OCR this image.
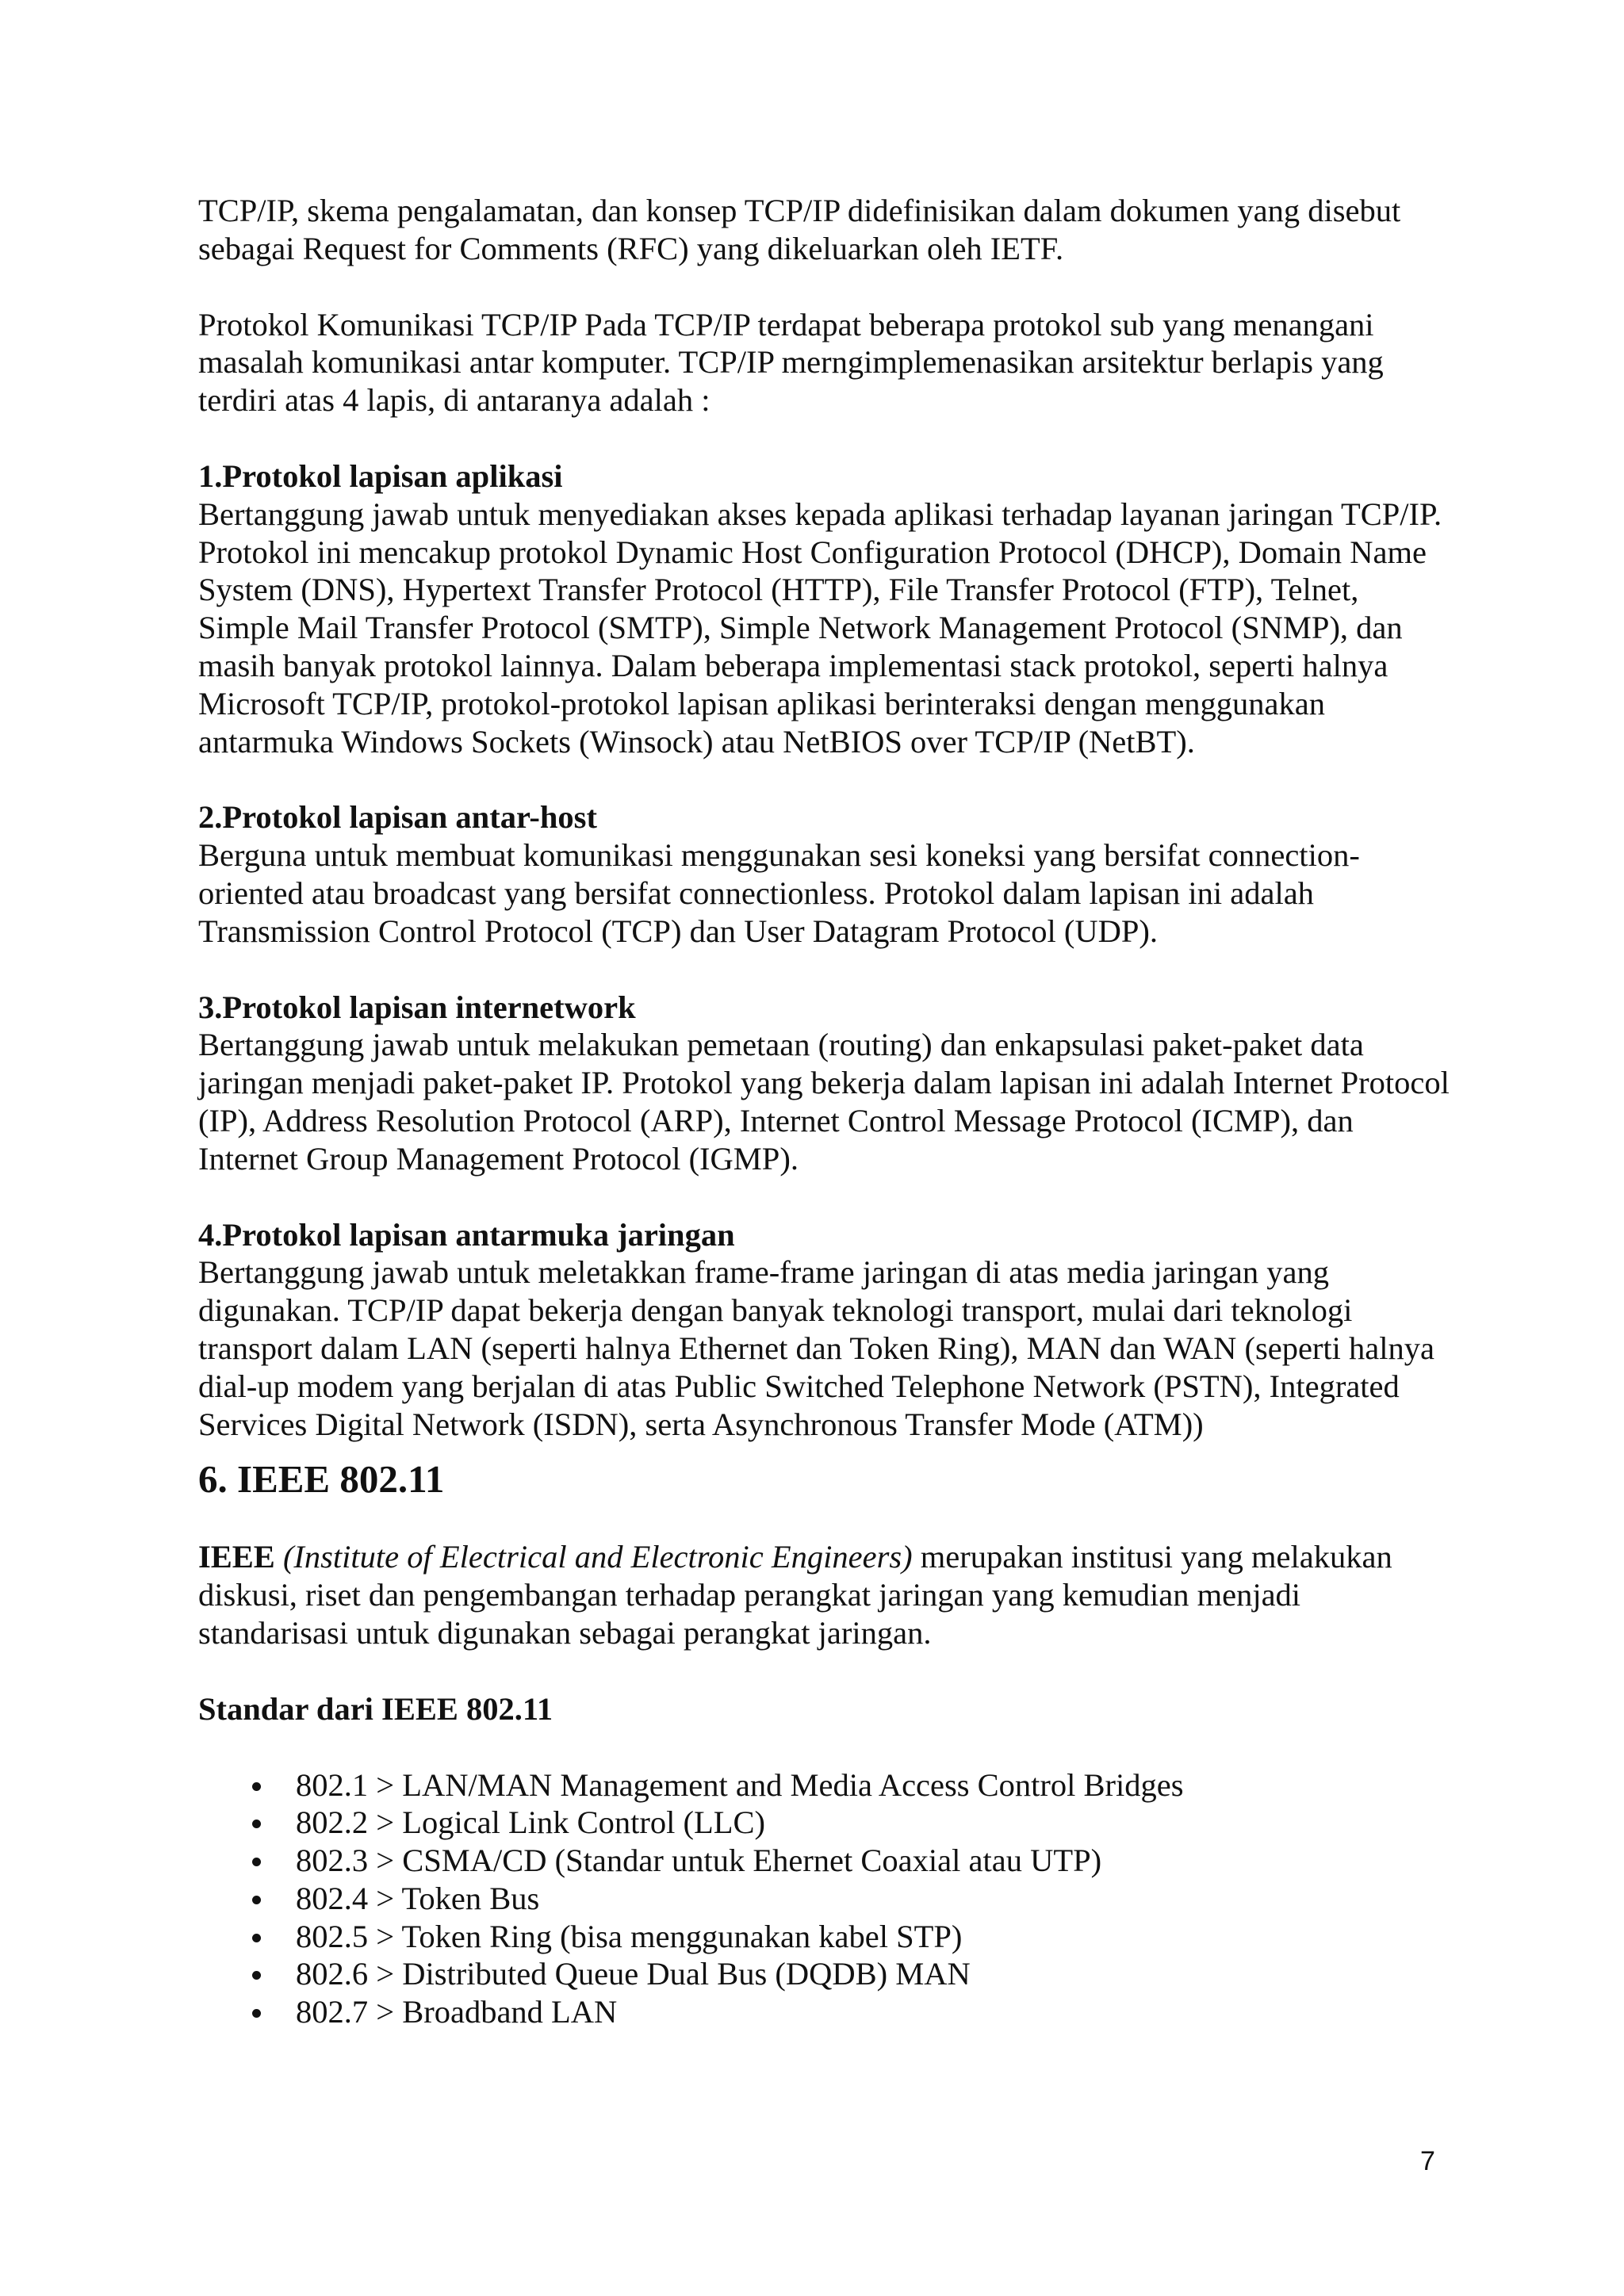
TCP/IP, skema pengalamatan, dan konsep TCP/IP didefinisikan dalam dokumen yang disebut sebagai Request for Comments (RFC) yang dikeluarkan oleh IETF.

Protokol Komunikasi TCP/IP Pada TCP/IP terdapat beberapa protokol sub yang menangani masalah komunikasi antar komputer. TCP/IP merngimplemenasikan arsitektur berlapis yang terdiri atas 4 lapis, di antaranya adalah :

1.Protokol lapisan aplikasi

Bertanggung jawab untuk menyediakan akses kepada aplikasi terhadap layanan jaringan TCP/IP. Protokol ini mencakup protokol Dynamic Host Configuration Protocol (DHCP), Domain Name System (DNS), Hypertext Transfer Protocol (HTTP), File Transfer Protocol (FTP), Telnet, Simple Mail Transfer Protocol (SMTP), Simple Network Management Protocol (SNMP), dan masih banyak protokol lainnya. Dalam beberapa implementasi stack protokol, seperti halnya Microsoft TCP/IP, protokol-protokol lapisan aplikasi berinteraksi dengan menggunakan antarmuka Windows Sockets (Winsock) atau NetBIOS over TCP/IP (NetBT).

2.Protokol lapisan antar-host

Berguna untuk membuat komunikasi menggunakan sesi koneksi yang bersifat connection-oriented atau broadcast yang bersifat connectionless. Protokol dalam lapisan ini adalah Transmission Control Protocol (TCP) dan User Datagram Protocol (UDP).

3.Protokol lapisan internetwork

Bertanggung jawab untuk melakukan pemetaan (routing) dan enkapsulasi paket-paket data jaringan menjadi paket-paket IP. Protokol yang bekerja dalam lapisan ini adalah Internet Protocol (IP), Address Resolution Protocol (ARP), Internet Control Message Protocol (ICMP), dan Internet Group Management Protocol (IGMP).

4.Protokol lapisan antarmuka jaringan

Bertanggung jawab untuk meletakkan frame-frame jaringan di atas media jaringan yang digunakan. TCP/IP dapat bekerja dengan banyak teknologi transport, mulai dari teknologi transport dalam LAN (seperti halnya Ethernet dan Token Ring), MAN dan WAN (seperti halnya dial-up modem yang berjalan di atas Public Switched Telephone Network (PSTN), Integrated Services Digital Network (ISDN), serta Asynchronous Transfer Mode (ATM))

6. IEEE 802.11

IEEE (Institute of Electrical and Electronic Engineers) merupakan institusi yang melakukan diskusi, riset dan pengembangan terhadap perangkat jaringan yang kemudian menjadi standarisasi untuk digunakan sebagai perangkat jaringan.

Standar dari IEEE 802.11

802.1 > LAN/MAN Management and Media Access Control Bridges
802.2 > Logical Link Control (LLC)
802.3 > CSMA/CD (Standar untuk Ehernet Coaxial atau UTP)
802.4 > Token Bus
802.5 > Token Ring (bisa menggunakan kabel STP)
802.6 > Distributed Queue Dual Bus (DQDB) MAN
802.7 > Broadband LAN
7
